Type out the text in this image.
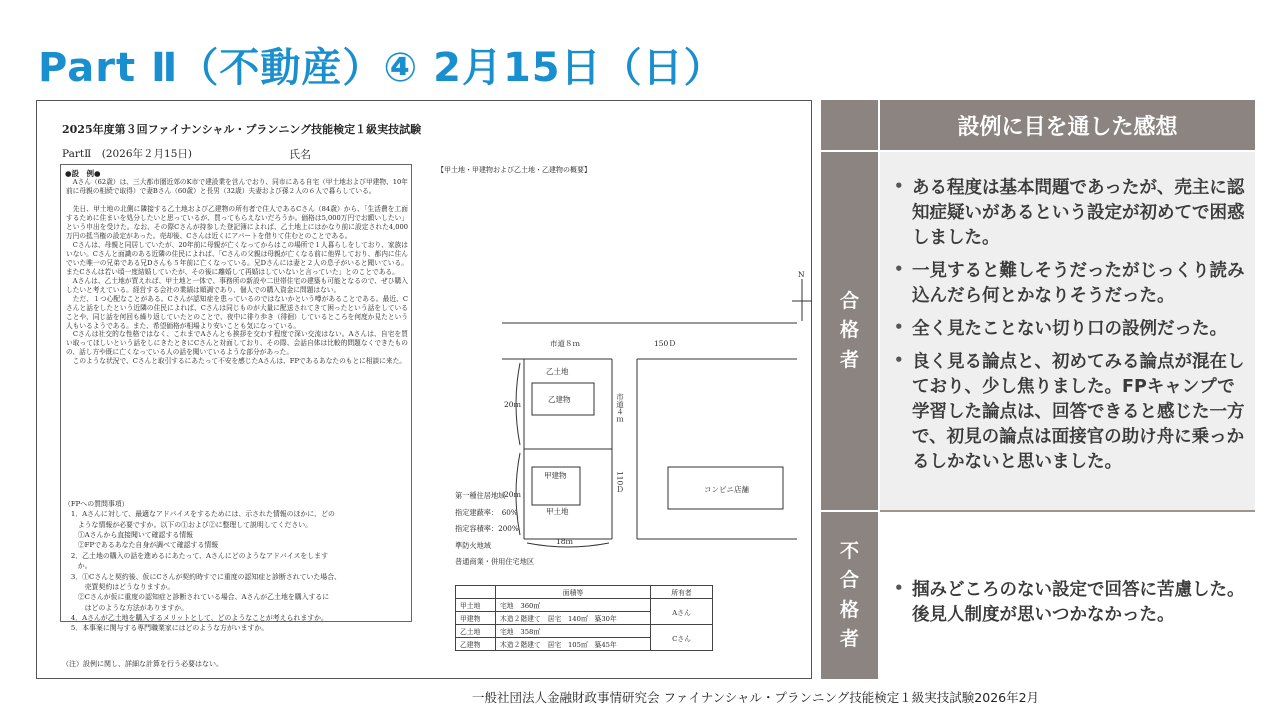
Part Ⅱ（不動産）④ 2月15日（日）
2025年度第３回ファイナンシャル・プランニング技能検定１級実技試験
PartⅡ　(2026年２月15日)	氏名
●設　例●
　Aさん（62歳）は、三大都市圏近郊のK市で建設業を営んでおり、同市にある自宅（甲土地および甲建物、10年前に母親の相続で取得）で妻Bさん（60歳）と長男（32歳）夫妻および孫２人の６人で暮らしている。

　先日、甲土地の北側に隣接する乙土地および乙建物の所有者で住人であるCさん（84歳）から、「生活費を工面するために住まいを処分したいと思っているが、買ってもらえないだろうか。価格は5,000万円でお願いしたい」という申出を受けた。なお、その際Cさんが持参した登記簿によれば、乙土地上にはかなり前に設定された4,000万円の抵当権の設定があった。売却後、Cさんは近くにアパートを借りて住むとのことである。
　Cさんは、母親と同居していたが、20年前に母親が亡くなってからはこの場所で１人暮らしをしており、家族はいない。Cさんと面識のある近隣の住民によれば、「Cさんの父親は母親が亡くなる前に他界しており、都内に住んでいた唯一の兄弟である兄Dさんも５年前に亡くなっている。兄Dさんには妻と２人の息子がいると聞いている。またCさんは若い頃一度結婚していたが、その後に離婚して再婚はしていないと言っていた」とのことである。
　Aさんは、乙土地が買えれば、甲土地と一体で、事務所の新設や二世帯住宅の建築も可能となるので、ぜひ購入したいと考えている。経営する会社の業績は順調であり、個人での購入資金に問題はない。
　ただ、１つ心配なことがある。Cさんが認知症を患っているのではないかという噂があることである。最近、Cさんと話をしたという近隣の住民によれば、Cさんは同じものが大量に配送されてきて困ったという話をしていることや、同じ話を何回も繰り返していたとのことで、夜中に徘り歩き（徘徊）しているところを何度か見たという人もいるようである。また、希望価格が相場より安いことも気になっている。
　Cさんは社交的な性格ではなく、これまでAさんとも挨拶を交わす程度で深い交流はない。Aさんは、自宅を買い取ってほしいという話をしにきたときにCさんと対面しており、その際、会話自体は比較的問題なくできたものの、話し方や既に亡くなっている人の話を聞いているような部分があった。
　このような状況で、Cさんと取引するにあたって不安を感じたAさんは、FPであるあなたのもとに相談に来た。
（FPへの質問事項）
　1．Aさんに対して、最適なアドバイスをするためには、示された情報のほかに、どの
　　ような情報が必要ですか。以下の①および②に整理して説明してください。
　　①Aさんから直接聞いて確認する情報
　　②FPであるあなた自身が調べて確認する情報
　2．乙土地の購入の話を進めるにあたって、Aさんにどのようなアドバイスをします
　　か。
　3．①Cさんと契約後、仮にCさんが契約時すでに重度の認知症と診断されていた場合、
　　　売買契約はどうなりますか。
　　②Cさんが仮に重度の認知症と診断されている場合、Aさんが乙土地を購入するに
　　　はどのような方法がありますか。
　4．Aさんが乙土地を購入するメリットとして、どのようなことが考えられますか。
　5．本事案に関与する専門職業家にはどのような方がいますか。
（注）設例に関し、詳細な計算を行う必要はない。
【甲土地・甲建物および乙土地・乙建物の概要】
N
市道８ｍ	150Ｄ
市道４ｍ
110Ｄ
乙土地
乙建物
甲建物
甲土地
20ｍ
20ｍ
18ｍ
コンビニ店舗
第一種住居地域
指定建蔽率：　60%
指定容積率：200%
準防火地域
普通商業・併用住宅地区
	面積等	所有者
甲土地	宅地　360㎡	Aさん
甲建物	木造２階建て　居宅　140㎡　築30年	
乙土地	宅地　358㎡	Cさん
乙建物	木造２階建て　居宅　105㎡　築45年	
設例に目を通した感想
合
格
者
• ある程度は基本問題であったが、売主に認知症疑いがあるという設定が初めてで困惑しました。
• 一見すると難しそうだったがじっくり読み込んだら何とかなりそうだった。
• 全く見たことない切り口の設例だった。
• 良く見る論点と、初めてみる論点が混在しており、少し焦りました。FPキャンプで学習した論点は、回答できると感じた一方で、初見の論点は面接官の助け舟に乗っかるしかないと思いました。
不
合
格
者
• 掴みどころのない設定で回答に苦慮した。後見人制度が思いつかなかった。
一般社団法人金融財政事情研究会 ファイナンシャル・プランニング技能検定１級実技試験2026年2月
